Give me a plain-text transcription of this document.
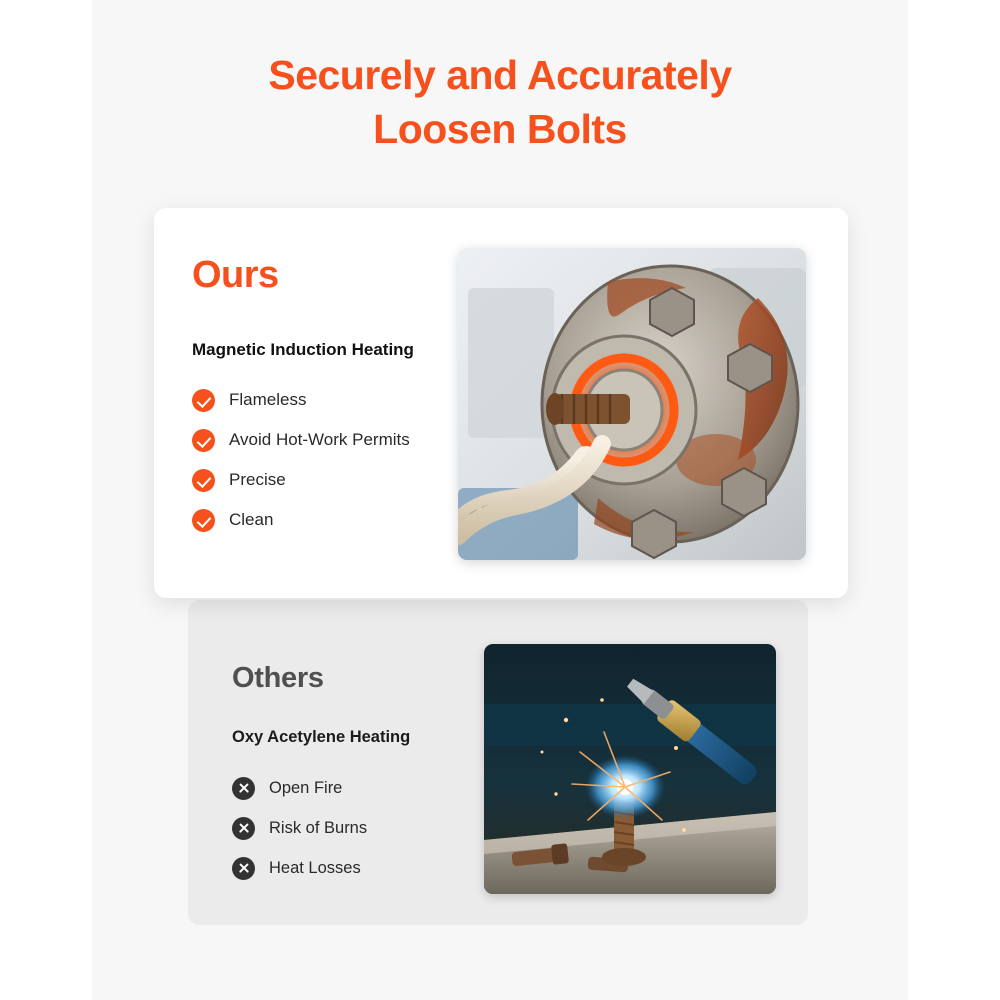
Securely and Accurately
Loosen Bolts
Others
Oxy Acetylene Heating
Open Fire
Risk of Burns
Heat Losses
Ours
Magnetic Induction Heating
Flameless
Avoid Hot-Work Permits
Precise
Clean
